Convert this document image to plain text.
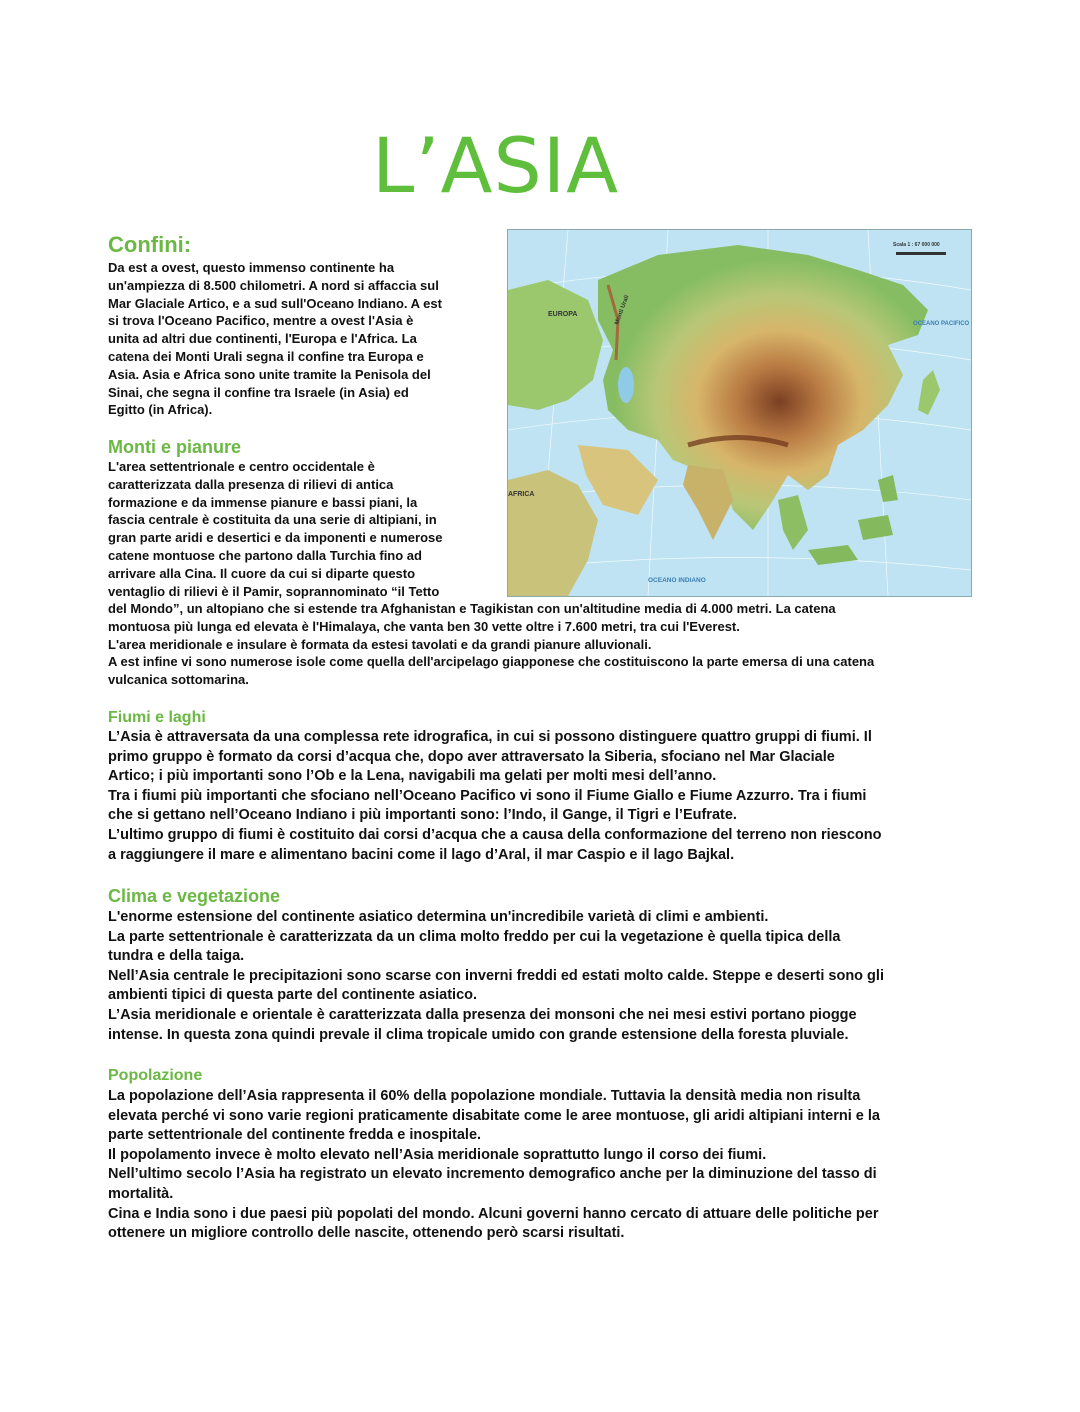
L’ASIA
Confini:

Da est a ovest, questo immenso continente ha

un'ampiezza di 8.500 chilometri. A nord si affaccia sul

Mar Glaciale Artico, e a sud sull'Oceano Indiano. A est

si trova l'Oceano Pacifico, mentre a ovest l'Asia è

unita ad altri due continenti, l'Europa e l'Africa. La

catena dei Monti Urali segna il confine tra Europa e

Asia. Asia e Africa sono unite tramite la Penisola del

Sinai, che segna il confine tra Israele (in Asia) ed

Egitto (in Africa).

Monti e pianure

L'area settentrionale e centro occidentale è

caratterizzata dalla presenza di rilievi di antica

formazione e da immense pianure e bassi piani, la

fascia centrale è costituita da una serie di altipiani, in

gran parte aridi e desertici e da imponenti e numerose

catene montuose che partono dalla Turchia fino ad

arrivare alla Cina. Il cuore da cui si diparte questo

ventaglio di rilievi è il Pamir, soprannominato “il Tetto

del Mondo”, un altopiano che si estende tra Afghanistan e Tagikistan con un'altitudine media di 4.000 metri. La catena

montuosa più lunga ed elevata è l'Himalaya, che vanta ben 30 vette oltre i 7.600 metri, tra cui l'Everest.

L'area meridionale e insulare è formata da estesi tavolati e da grandi pianure alluvionali.

A est infine vi sono numerose isole come quella dell'arcipelago giapponese che costituiscono la parte emersa di una catena

vulcanica sottomarina.

EUROPA
AFRICA
Monti Urali	OCEANO PACIFICO
OCEANO INDIANO
Scala 1 : 67 000 000
Fiumi e laghi

L’Asia è attraversata da una complessa rete idrografica, in cui si possono distinguere quattro gruppi di fiumi. Il

primo gruppo è formato da corsi d’acqua che, dopo aver attraversato la Siberia, sfociano nel Mar Glaciale

Artico; i più importanti sono l’Ob e la Lena, navigabili ma gelati per molti mesi dell’anno.

Tra i fiumi più importanti che sfociano nell’Oceano Pacifico vi sono il Fiume Giallo e Fiume Azzurro. Tra i fiumi

che si gettano nell’Oceano Indiano i più importanti sono: l’Indo, il Gange, il Tigri e l’Eufrate.

L’ultimo gruppo di fiumi è costituito dai corsi d’acqua che a causa della conformazione del terreno non riescono

a raggiungere il mare e alimentano bacini come il lago d’Aral, il mar Caspio e il lago Bajkal.

Clima e vegetazione

L'enorme estensione del continente asiatico determina un'incredibile varietà di climi e ambienti.

La parte settentrionale è caratterizzata da un clima molto freddo per cui la vegetazione è quella tipica della

tundra e della taiga.

Nell’Asia centrale le precipitazioni sono scarse con inverni freddi ed estati molto calde. Steppe e deserti sono gli

ambienti tipici di questa parte del continente asiatico.

L’Asia meridionale e orientale è caratterizzata dalla presenza dei monsoni che nei mesi estivi portano piogge

intense. In questa zona quindi prevale il clima tropicale umido con grande estensione della foresta pluviale.

Popolazione

La popolazione dell’Asia rappresenta il 60% della popolazione mondiale. Tuttavia la densità media non risulta

elevata perché vi sono varie regioni praticamente disabitate come le aree montuose, gli aridi altipiani interni e la

parte settentrionale del continente fredda e inospitale.

Il popolamento invece è molto elevato nell’Asia meridionale soprattutto lungo il corso dei fiumi.

Nell’ultimo secolo l’Asia ha registrato un elevato incremento demografico anche per la diminuzione del tasso di

mortalità.

Cina e India sono i due paesi più popolati del mondo. Alcuni governi hanno cercato di attuare delle politiche per

ottenere un migliore controllo delle nascite, ottenendo però scarsi risultati.
